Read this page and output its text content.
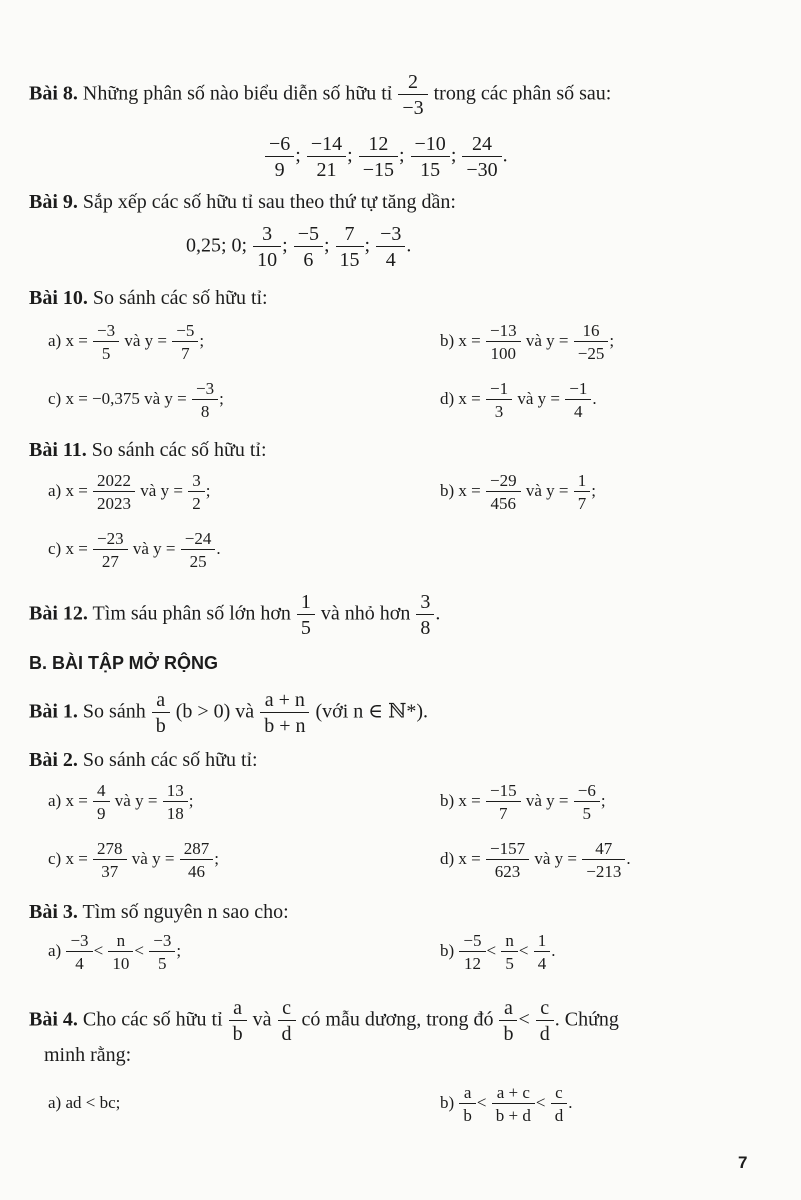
Bài 8. Những phân số nào biểu diễn số hữu tỉ $\frac{2}{-3}$ trong các phân số sau:
$\frac{-6}{9}$ ; $\frac{-14}{21}$ ; $\frac{12}{-15}$ ; $\frac{-10}{15}$ ; $\frac{24}{-30}$ .
Bài 9. Sắp xếp các số hữu tỉ sau theo thứ tự tăng dần:
0,25; 0; $\frac{3}{10}$ ; $\frac{-5}{6}$ ; $\frac{7}{15}$ ; $\frac{-3}{4}$ .
Bài 10. So sánh các số hữu tỉ:
a) $x = \frac{-3}{5}$ và $y = \frac{-5}{7}$ ;	b) $x = \frac{-13}{100}$ và $y = \frac{16}{-25}$ ;
c) x = −0,375 và $y = \frac{-3}{8}$ ;	d) $x = \frac{-1}{3}$ và $y = \frac{-1}{4}$ .
Bài 11. So sánh các số hữu tỉ:
a) $x = \frac{2022}{2023}$ và $y = \frac{3}{2}$ ;	b) $x = \frac{-29}{456}$ và $y = \frac{1}{7}$ ;
c) $x = \frac{-23}{27}$ và $y = \frac{-24}{25}$ .
Bài 12. Tìm sáu phân số lớn hơn $\frac{1}{5}$ và nhỏ hơn $\frac{3}{8}$ .
B. BÀI TẬP MỞ RỘNG
Bài 1. So sánh $\frac{a}{b} (b > 0)$ và $\frac{a + n}{b + n}$ (với n ∈ ℕ*).
Bài 2. So sánh các số hữu tỉ:
a) $x = \frac{4}{9}$ và $y = \frac{13}{18}$ ;	b) $x = \frac{-15}{7}$ và $y = \frac{-6}{5}$ ;
c) $x = \frac{278}{37}$ và $y = \frac{287}{46}$ ;	d) $x = \frac{-157}{623}$ và $y = \frac{47}{-213}$ .
Bài 3. Tìm số nguyên n sao cho:
$a) \frac{-3}{4} < \frac{n}{10} < \frac{-3}{5}$ ;	$b) \frac{-5}{12} < \frac{n}{5} < \frac{1}{4}$ .
Bài 4. Cho các số hữu tỉ $\frac{a}{b}$ và $\frac{c}{d}$ có mẫu dương, trong đó $\frac{a}{b} < \frac{c}{d}$ . Chứng
minh rằng:
a) ad < bc;	$b) \frac{a}{b} < \frac{a + c}{b + d} < \frac{c}{d}$ .
7
